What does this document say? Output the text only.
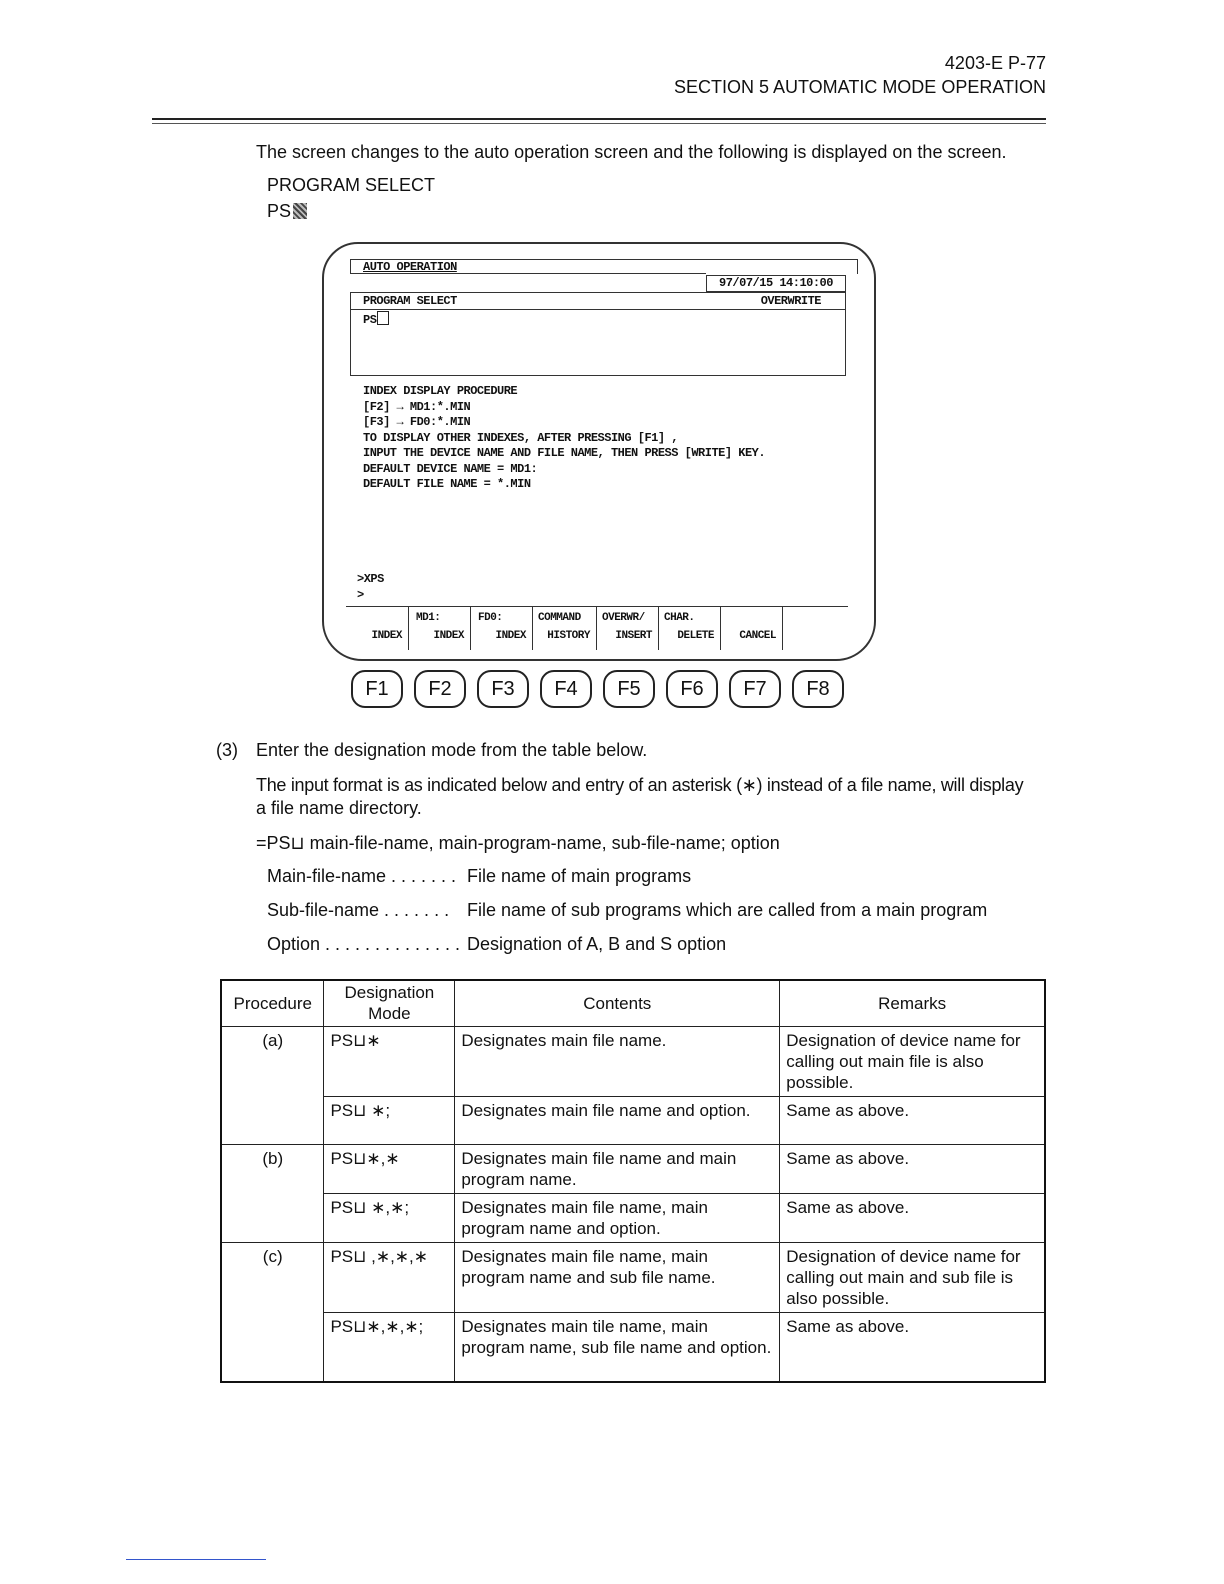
4203-E P-77
SECTION 5 AUTOMATIC MODE OPERATION
The screen changes to the auto operation screen and the following is displayed on the screen.
PROGRAM SELECT
PS
AUTO OPERATION
97/07/15 14:10:00
PROGRAM SELECT	OVERWRITE
PS
INDEX DISPLAY PROCEDURE
[F2] → MD1:*.MIN
[F3] → FD0:*.MIN
TO DISPLAY OTHER INDEXES, AFTER PRESSING [F1] ,
INPUT THE DEVICE NAME AND FILE NAME, THEN PRESS [WRITE] KEY.
DEFAULT DEVICE NAME = MD1:
DEFAULT FILE NAME = *.MIN
>XPS
>
INDEX
MD1:
INDEX
FD0:
INDEX
COMMAND
HISTORY
OVERWR/
INSERT
CHAR.
DELETE CANCEL
F1	F2	F3	F4	F5	F6	F7	F8
(3) Enter the designation mode from the table below.
The input format is as indicated below and entry of an asterisk (∗) instead of a file name, will display
a file name directory.
=PS⊔ main-file-name, main-program-name, sub-file-name; option
Main-file-name . . . . . . .	File name of main programs
Sub-file-name . . . . . . .	File name of sub programs which are called from a main program
Option . . . . . . . . . . . . . .	Designation of A, B and S option
Procedure	Designation Mode	Contents	Remarks
(a)	PS⊔∗	Designates main file name.	Designation of device name for calling out main file is also possible.
	PS⊔ ∗;	Designates main file name and option.	Same as above.
(b)	PS⊔∗,∗	Designates main file name and main program name.	Same as above.
	PS⊔ ∗,∗;	Designates main file name, main program name and option.	Same as above.
(c)	PS⊔ ,∗,∗,∗	Designates main file name, main program name and sub file name.	Designation of device name for calling out main and sub file is also possible.
	PS⊔∗,∗,∗;	Designates main tile name, main program name, sub file name and option.	Same as above.
